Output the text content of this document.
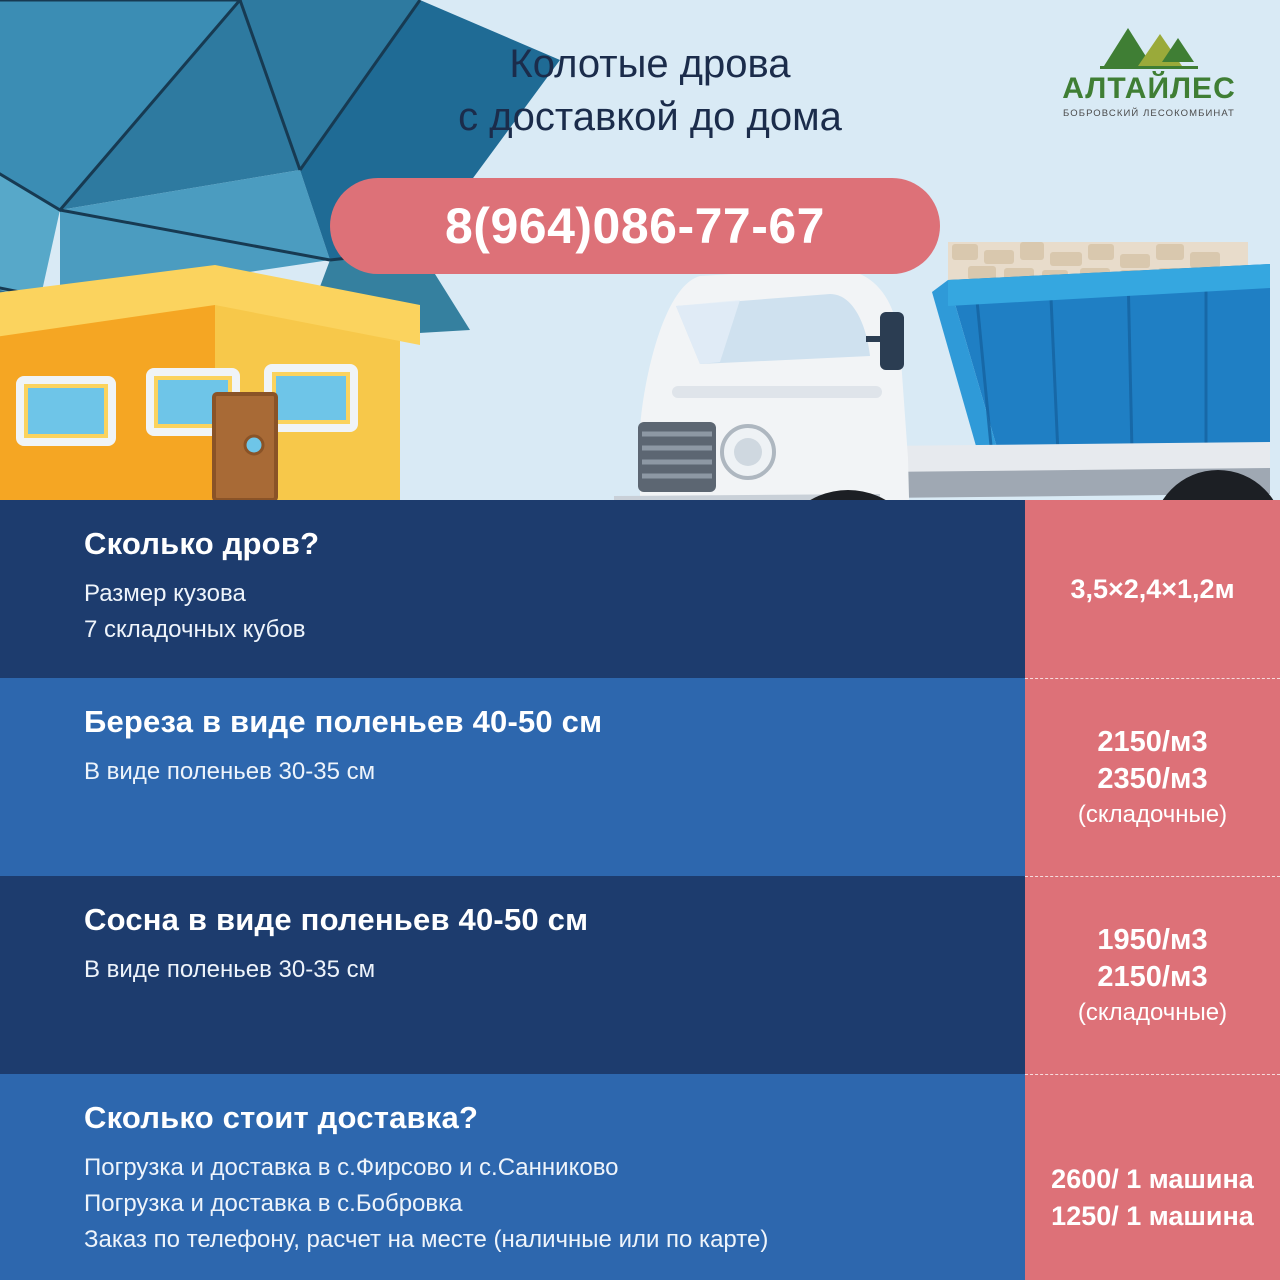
АЛТАЙЛЕС
БОБРОВСКИЙ ЛЕСОКОМБИНАТ
Колотые дрова
с доставкой до дома
8(964)086-77-67
Сколько дров?
Размер кузова
7 складочных кубов
3,5×2,4×1,2м
Береза в виде поленьев 40-50 см
В виде поленьев 30-35 см
2150/м3
2350/м3
(складочные)
Сосна в виде поленьев 40-50 см
В виде поленьев 30-35 см
1950/м3
2150/м3
(складочные)
Сколько стоит доставка?
Погрузка и доставка в с.Фирсово и с.Санниково
Погрузка и доставка в с.Бобровка
Заказ по телефону, расчет на месте (наличные или по карте)
2600/ 1 машина
1250/ 1 машина
